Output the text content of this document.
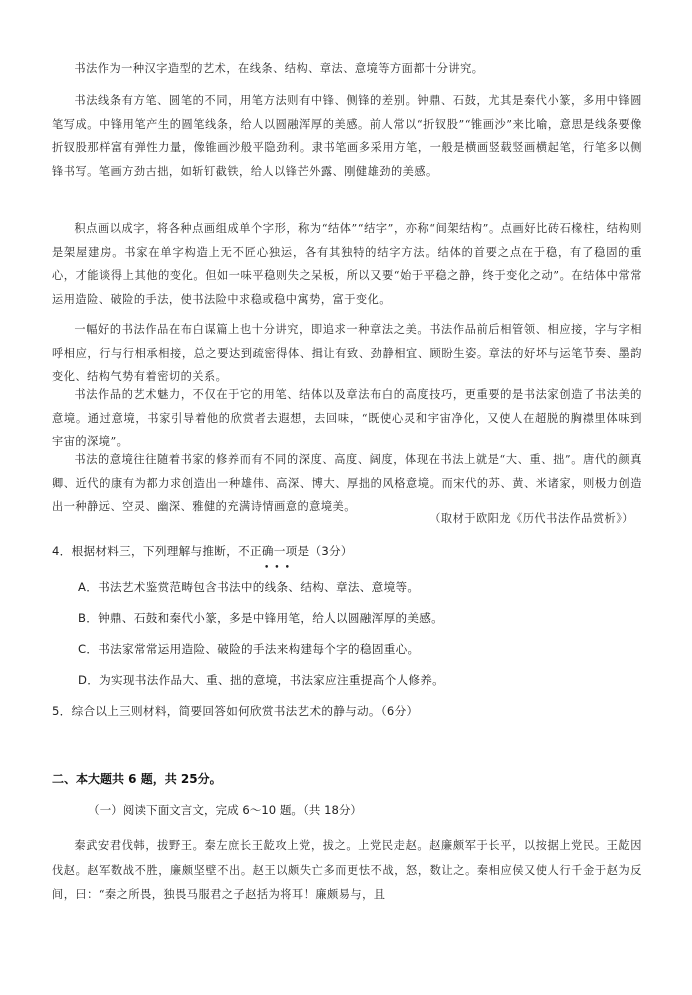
书法作为一种汉字造型的艺术，在线条、结构、章法、意境等方面都十分讲究。

书法线条有方笔、圆笔的不同，用笔方法则有中锋、侧锋的差别。钟鼎、石鼓，尤其是秦代小篆，多用中锋圆笔写成。中锋用笔产生的圆笔线条，给人以圆融浑厚的美感。前人常以“折钗股”“锥画沙”来比喻，意思是线条要像折钗股那样富有弹性力量，像锥画沙般平隐劲利。隶书笔画多采用方笔，一般是横画竖载竖画横起笔，行笔多以侧锋书写。笔画方劲古拙，如斩钉截铁，给人以锋芒外露、刚健雄劲的美感。

积点画以成字，将各种点画组成单个字形，称为“结体”“结字”，亦称“间架结构”。点画好比砖石椽柱，结构则是架屋建房。书家在单字构造上无不匠心独运，各有其独特的结字方法。结体的首要之点在于稳，有了稳固的重心，才能谈得上其他的变化。但如一味平稳则失之呆板，所以又要“始于平稳之静，终于变化之动”。在结体中常常运用造险、破险的手法，使书法险中求稳或稳中寓势，富于变化。

一幅好的书法作品在布白谋篇上也十分讲究，即追求一种章法之美。书法作品前后相管领、相应接，字与字相呼相应，行与行相承相接，总之要达到疏密得体、揖让有致、劲静相宜、顾盼生姿。章法的好坏与运笔节奏、墨韵变化、结构气势有着密切的关系。

书法作品的艺术魅力，不仅在于它的用笔、结体以及章法布白的高度技巧，更重要的是书法家创造了书法美的意境。通过意境，书家引导着他的欣赏者去遐想，去回味，“既使心灵和宇宙净化，又使人在超脱的胸襟里体味到宇宙的深境”。

书法的意境往往随着书家的修养而有不同的深度、高度、阔度，体现在书法上就是“大、重、拙”。唐代的颜真卿、近代的康有为都力求创造出一种雄伟、高深、博大、厚拙的风格意境。而宋代的苏、黄、米诸家，则极力创造出一种静远、空灵、幽深、雅健的充满诗情画意的意境美。

（取材于欧阳龙《历代书法作品赏析》）
4．根据材料三，下列理解与推断，不正确一项是（3分）
•••
A．书法艺术鉴赏范畴包含书法中的线条、结构、章法、意境等。
B．钟鼎、石鼓和秦代小篆，多是中锋用笔，给人以圆融浑厚的美感。
C．书法家常常运用造险、破险的手法来构建每个字的稳固重心。
D．为实现书法作品大、重、拙的意境，书法家应注重提高个人修养。
5．综合以上三则材料，简要回答如何欣赏书法艺术的静与动。（6分）
二、本大题共 6 题，共 25分。
（一）阅读下面文言文，完成 6～10 题。（共 18分）

秦武安君伐韩，拔野王。秦左庶长王龁攻上党，拔之。上党民走赵。赵廉颇军于长平，以按据上党民。王龁因伐赵。赵军数战不胜，廉颇坚壁不出。赵王以颇失亡多而更怯不战，怒，数让之。秦相应侯又使人行千金于赵为反间，曰：“秦之所畏，独畏马服君之子赵括为将耳！廉颇易与，且
